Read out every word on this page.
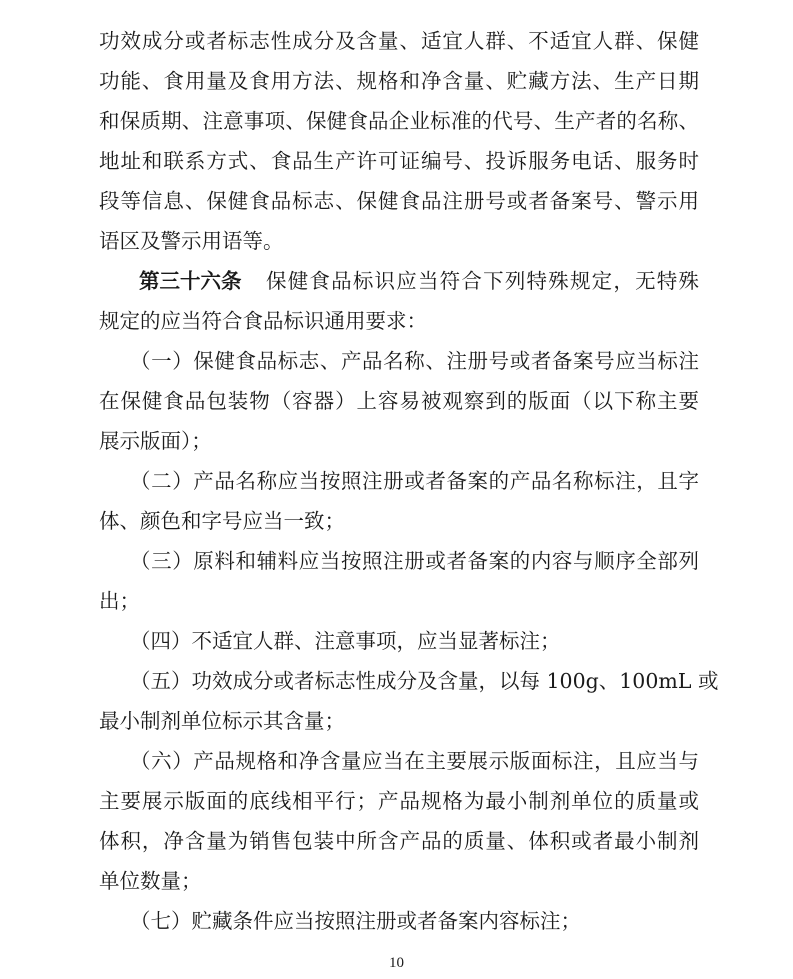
功效成分或者标志性成分及含量、适宜人群、不适宜人群、保健
功能、食用量及食用方法、规格和净含量、贮藏方法、生产日期
和保质期、注意事项、保健食品企业标准的代号、生产者的名称、
地址和联系方式、食品生产许可证编号、投诉服务电话、服务时
段等信息、保健食品标志、保健食品注册号或者备案号、警示用
语区及警示用语等。
第三十六条	保健食品标识应当符合下列特殊规定，无特殊
规定的应当符合食品标识通用要求：
（一）保健食品标志、产品名称、注册号或者备案号应当标注
在保健食品包装物（容器）上容易被观察到的版面（以下称主要
展示版面）；
（二）产品名称应当按照注册或者备案的产品名称标注，且字
体、颜色和字号应当一致；
（三）原料和辅料应当按照注册或者备案的内容与顺序全部列
出；
（四）不适宜人群、注意事项，应当显著标注；
（五）功效成分或者标志性成分及含量，以每 100g、100mL 或
最小制剂单位标示其含量；
（六）产品规格和净含量应当在主要展示版面标注，且应当与
主要展示版面的底线相平行；产品规格为最小制剂单位的质量或
体积，净含量为销售包装中所含产品的质量、体积或者最小制剂
单位数量；
（七）贮藏条件应当按照注册或者备案内容标注；
10
